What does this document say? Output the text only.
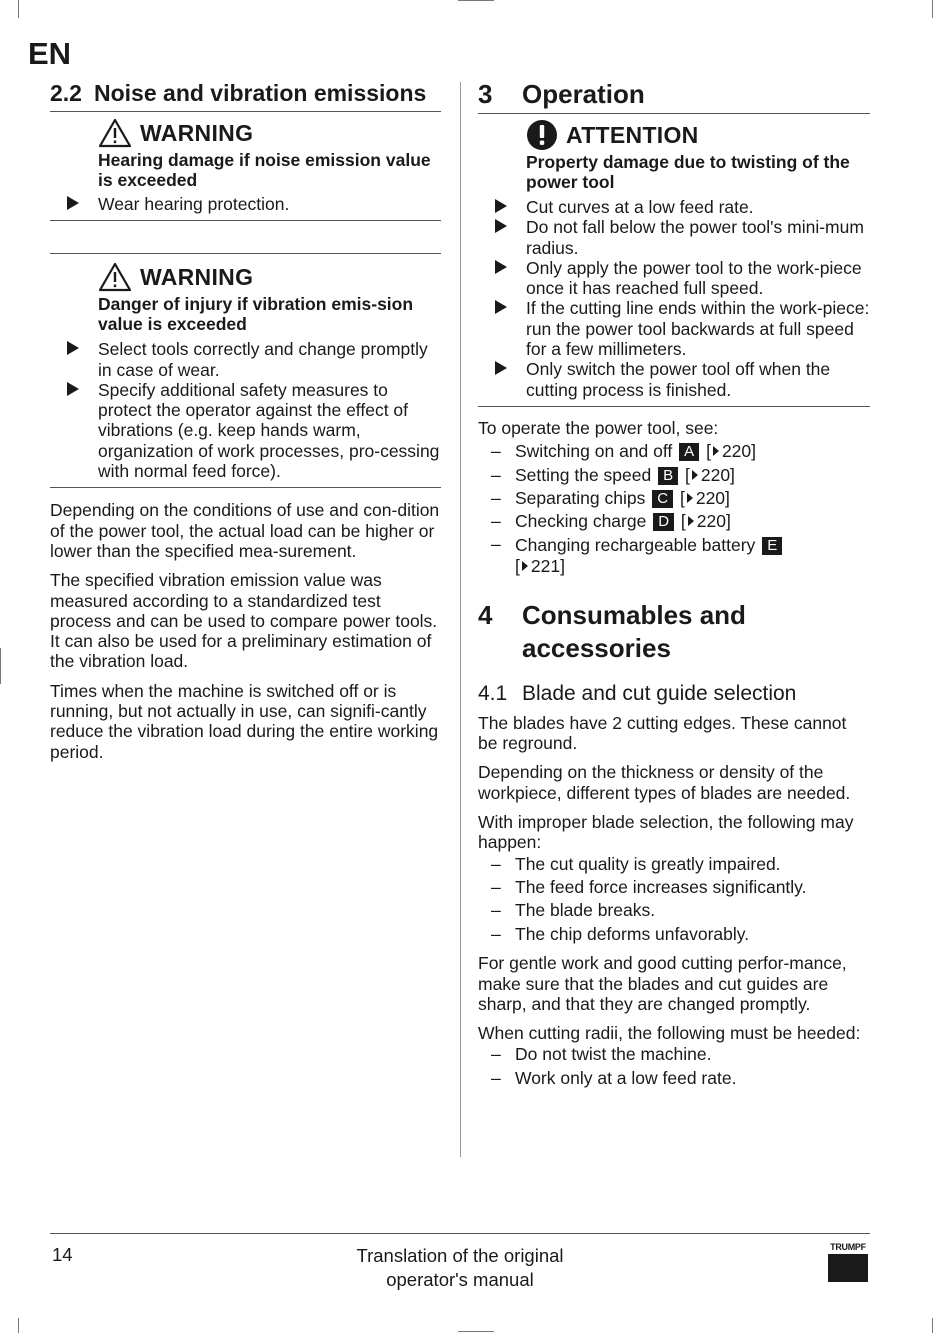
EN
2.2 Noise and vibration emissions
WARNING
Hearing damage if noise emission value is exceeded
Wear hearing protection.
WARNING
Danger of injury if vibration emis-sion value is exceeded
Select tools correctly and change promptly in case of wear.
Specify additional safety measures to protect the operator against the effect of vibrations (e.g. keep hands warm, organization of work processes, pro-cessing with normal feed force).

Depending on the conditions of use and con-dition of the power tool, the actual load can be higher or lower than the specified mea-surement.

The specified vibration emission value was measured according to a standardized test process and can be used to compare power tools. It can also be used for a preliminary estimation of the vibration load.

Times when the machine is switched off or is running, but not actually in use, can signifi-cantly reduce the vibration load during the entire working period.

3 Operation
ATTENTION
Property damage due to twisting of the power tool
Cut curves at a low feed rate.
Do not fall below the power tool's mini-mum radius.
Only apply the power tool to the work-piece once it has reached full speed.
If the cutting line ends within the work-piece: run the power tool backwards at full speed for a few millimeters.
Only switch the power tool off when the cutting process is finished.

To operate the power tool, see:

– Switching on and off A [ 220]
– Setting the speed B [ 220]
– Separating chips C [ 220]
– Checking charge D [ 220]
– Changing rechargeable battery E
[ 221]
4 Consumables and
accessories
4.1 Blade and cut guide selection

The blades have 2 cutting edges. These cannot be reground.

Depending on the thickness or density of the workpiece, different types of blades are needed.

With improper blade selection, the following may happen:

– The cut quality is greatly impaired.
– The feed force increases significantly.
– The blade breaks.
– The chip deforms unfavorably.

For gentle work and good cutting perfor-mance, make sure that the blades and cut guides are sharp, and that they are changed promptly.

When cutting radii, the following must be heeded:

– Do not twist the machine.
– Work only at a low feed rate.
14	Translation of the original
operator's manual
TRUMPF
